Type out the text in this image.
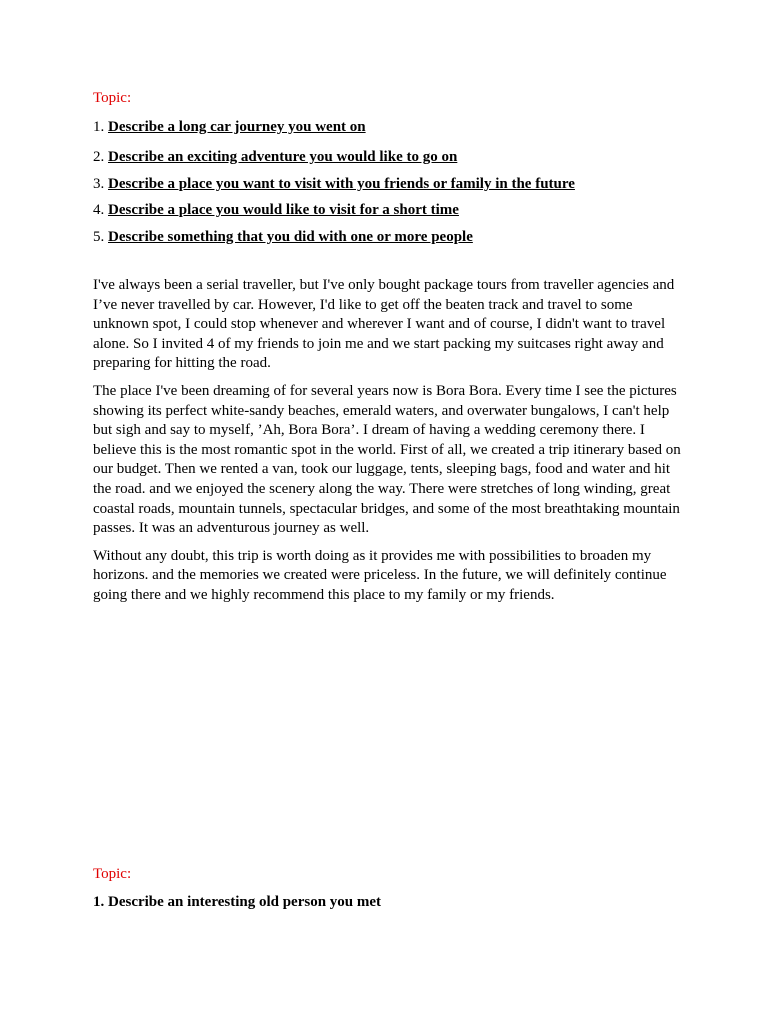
Topic:
1. Describe a long car journey you went on
2. Describe an exciting adventure you would like to go on
3. Describe a place you want to visit with you friends or family in the future
4. Describe a place you would like to visit for a short time
5. Describe something that you did with one or more people

I've always been a serial traveller, but I've only bought package tours from traveller agencies and I’ve never travelled by car. However, I'd like to get off the beaten track and travel to some unknown spot, I could stop whenever and wherever I want and of course, I didn't want to travel alone. So I invited 4 of my friends to join me and we start packing my suitcases right away and preparing for hitting the road.

The place I've been dreaming of for several years now is Bora Bora. Every time I see the pictures showing its perfect white-sandy beaches, emerald waters, and overwater bungalows, I can't help but sigh and say to myself, ’Ah, Bora Bora’. I dream of having a wedding ceremony there. I believe this is the most romantic spot in the world. First of all, we created a trip itinerary based on our budget. Then we rented a van, took our luggage, tents, sleeping bags, food and water and hit the road. and we enjoyed the scenery along the way. There were stretches of long winding, great coastal roads, mountain tunnels, spectacular bridges, and some of the most breathtaking mountain passes. It was an adventurous journey as well.

Without any doubt, this trip is worth doing as it provides me with possibilities to broaden my horizons. and the memories we created were priceless. In the future, we will definitely continue going there and we highly recommend this place to my family or my friends.

Topic:
1. Describe an interesting old person you met
